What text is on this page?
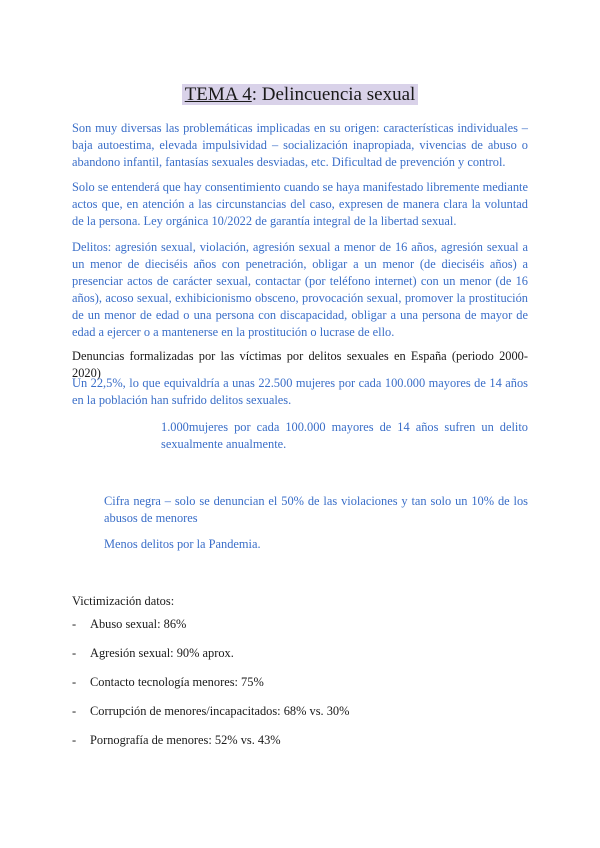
TEMA 4: Delincuencia sexual

Son muy diversas las problemáticas implicadas en su origen: características individuales – baja autoestima, elevada impulsividad – socialización inapropiada, vivencias de abuso o abandono infantil, fantasías sexuales desviadas, etc. Dificultad de prevención y control.

Solo se entenderá que hay consentimiento cuando se haya manifestado libremente mediante actos que, en atención a las circunstancias del caso, expresen de manera clara la voluntad de la persona. Ley orgánica 10/2022 de garantía integral de la libertad sexual.

Delitos: agresión sexual, violación, agresión sexual a menor de 16 años, agresión sexual a un menor de dieciséis años con penetración, obligar a un menor (de dieciséis años) a presenciar actos de carácter sexual, contactar (por teléfono internet) con un menor (de 16 años), acoso sexual, exhibicionismo obsceno, provocación sexual, promover la prostitución de un menor de edad o una persona con discapacidad, obligar a una persona de mayor de edad a ejercer o a mantenerse en la prostitución o lucrase de ello.

Denuncias formalizadas por las víctimas por delitos sexuales en España (periodo 2000-2020)

Un 22,5%, lo que equivaldría a unas 22.500 mujeres por cada 100.000 mayores de 14 años en la población han sufrido delitos sexuales.

1.000mujeres por cada 100.000 mayores de 14 años sufren un delito sexualmente anualmente.

Cifra negra – solo se denuncian el 50% de las violaciones y tan solo un 10% de los abusos de menores

Menos delitos por la Pandemia.

Victimización datos:

-	Abuso sexual: 86%
-	Agresión sexual: 90% aprox.
-	Contacto tecnología menores: 75%
-	Corrupción de menores/incapacitados: 68% vs. 30%
-	Pornografía de menores: 52% vs. 43%
